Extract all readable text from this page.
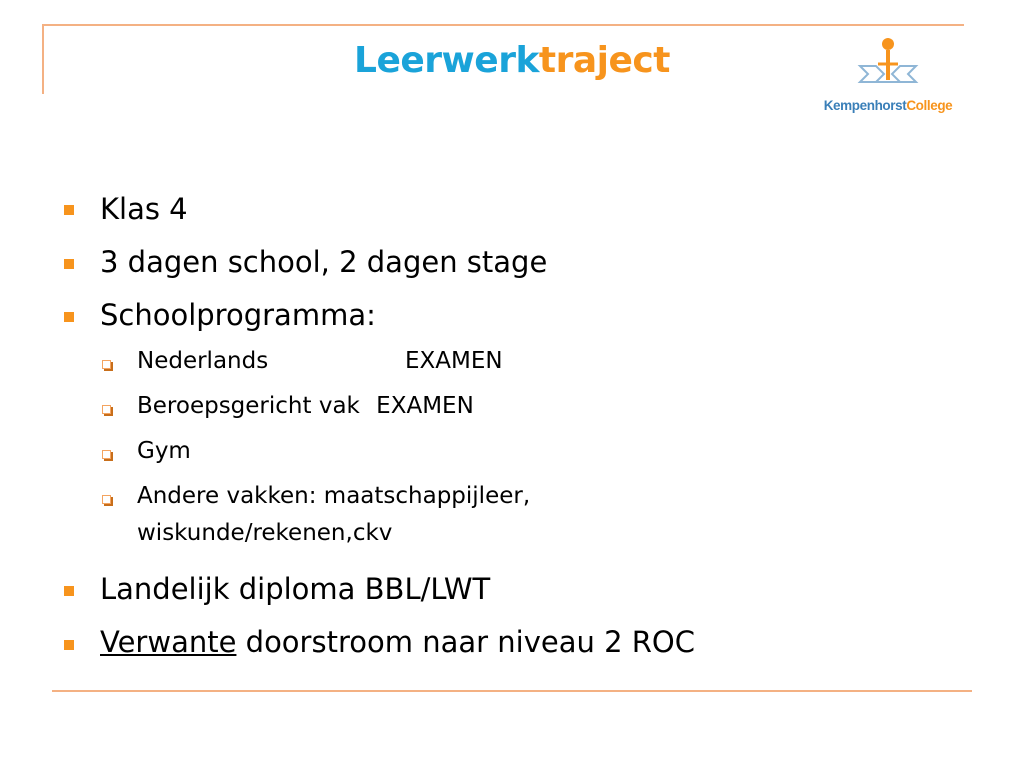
Leerwerktraject
KempenhorstCollege
Klas 4
3 dagen school, 2 dagen stage
Schoolprogramma:
Nederlands	EXAMEN
Beroepsgericht vak EXAMEN
Gym
Andere vakken: maatschappijleer,
wiskunde/rekenen,ckv
Landelijk diploma BBL/LWT
Verwante doorstroom naar niveau 2 ROC
